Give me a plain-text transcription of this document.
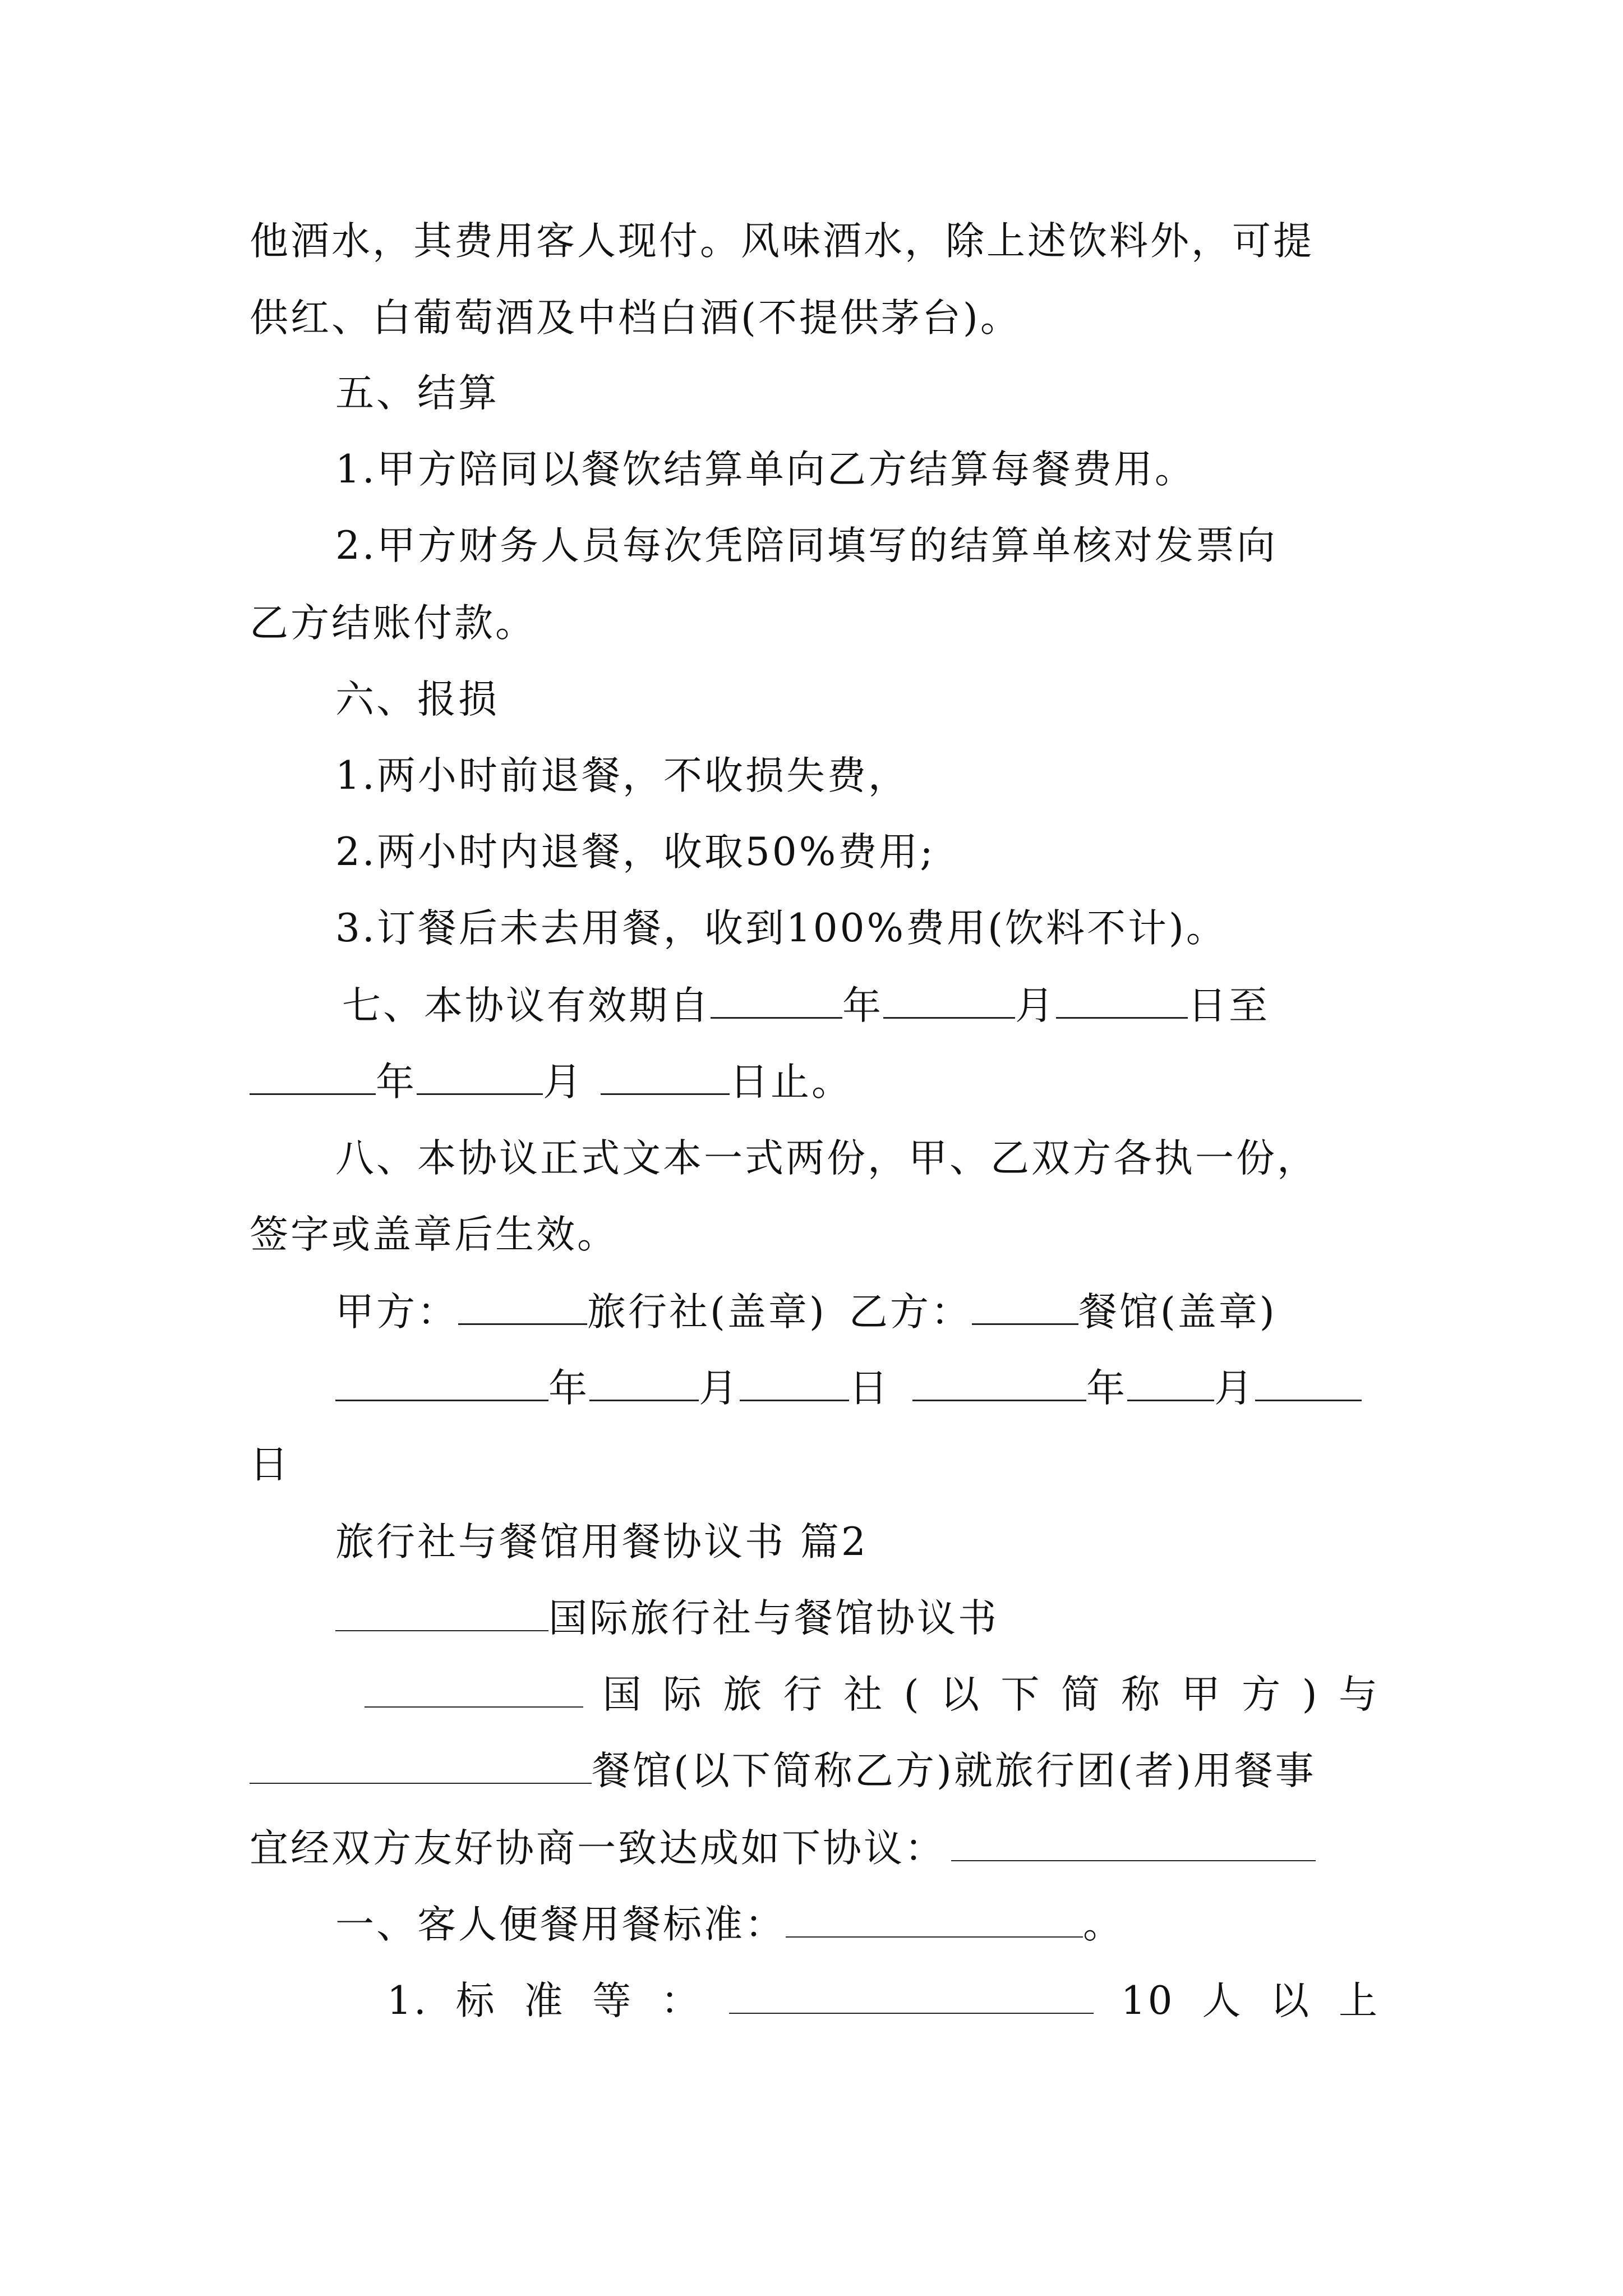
他酒水，其费用客人现付。风味酒水，除上述饮料外，可提
供红、白葡萄酒及中档白酒(不提供茅台)。
五、结算
1.甲方陪同以餐饮结算单向乙方结算每餐费用。
2.甲方财务人员每次凭陪同填写的结算单核对发票向
乙方结账付款。
六、报损
1.两小时前退餐，不收损失费，
2.两小时内退餐，收取50%费用;
3.订餐后未去用餐，收到100%费用(饮料不计)。
七、本协议有效期自	年	月	日至
年	月	日止。
八、本协议正式文本一式两份，甲、乙双方各执一份，
签字或盖章后生效。
甲方：	旅行社(盖章) 乙方：	餐馆(盖章)
年	月	日	年 月
日
旅行社与餐馆用餐协议书 篇2
国际旅行社与餐馆协议书
国 际 旅 行 社 ( 以 下 简 称 甲 方 ) 与
餐馆(以下简称乙方)就旅行团(者)用餐事
宜经双方友好协商一致达成如下协议：
一、客人便餐用餐标准：	。
1. 标 准 等 ：	10 人 以 上
